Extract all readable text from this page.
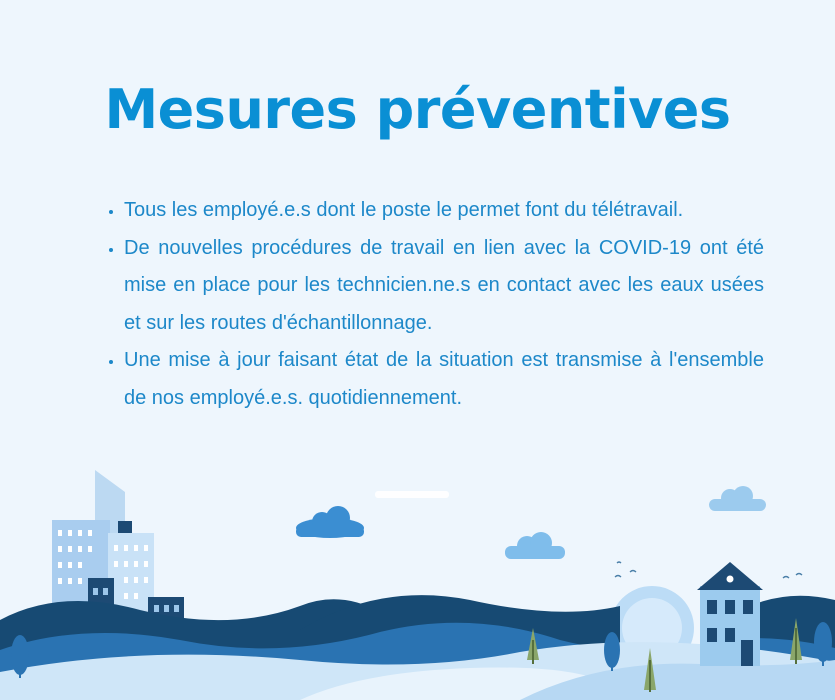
Mesures préventives
• Tous les employé.e.s dont le poste le permet font du télétravail.
• De nouvelles procédures de travail en lien avec la COVID-19 ont été mise en place pour les technicien.ne.s en contact avec les eaux usées et sur les routes d'échantillonnage.
• Une mise à jour faisant état de la situation est transmise à l'ensemble de nos employé.e.s. quotidiennement.
